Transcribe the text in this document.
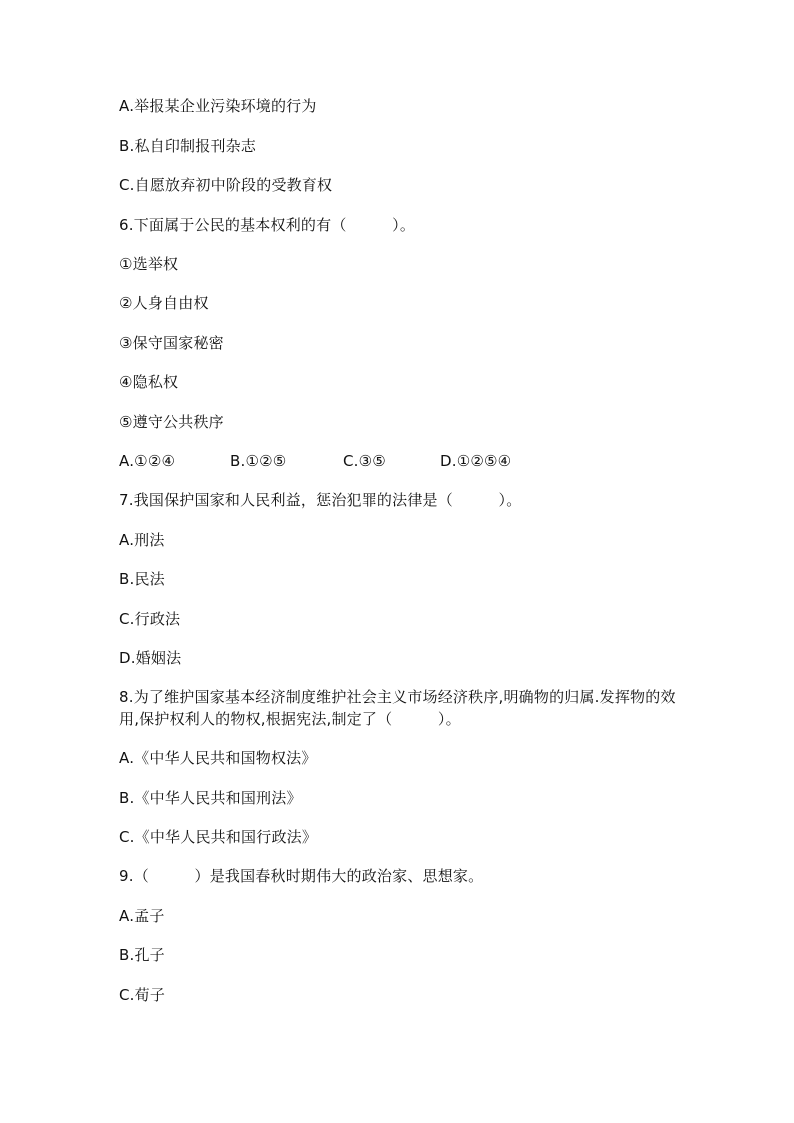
A.举报某企业污染环境的行为
B.私自印制报刊杂志
C.自愿放弃初中阶段的受教育权
6.下面属于公民的基本权利的有（　　　）。
①选举权
②人身自由权
③保守国家秘密
④隐私权
⑤遵守公共秩序
A.①②④	B.①②⑤	C.③⑤	D.①②⑤④
7.我国保护国家和人民利益，惩治犯罪的法律是（　　　）。
A.刑法
B.民法
C.行政法
D.婚姻法
8.为了维护国家基本经济制度维护社会主义市场经济秩序,明确物的归属.发挥物的效用,保护权利人的物权,根据宪法,制定了（　　　）。
A.《中华人民共和国物权法》
B.《中华人民共和国刑法》
C.《中华人民共和国行政法》
9.（　　　）是我国春秋时期伟大的政治家、思想家。
A.孟子
B.孔子
C.荀子
